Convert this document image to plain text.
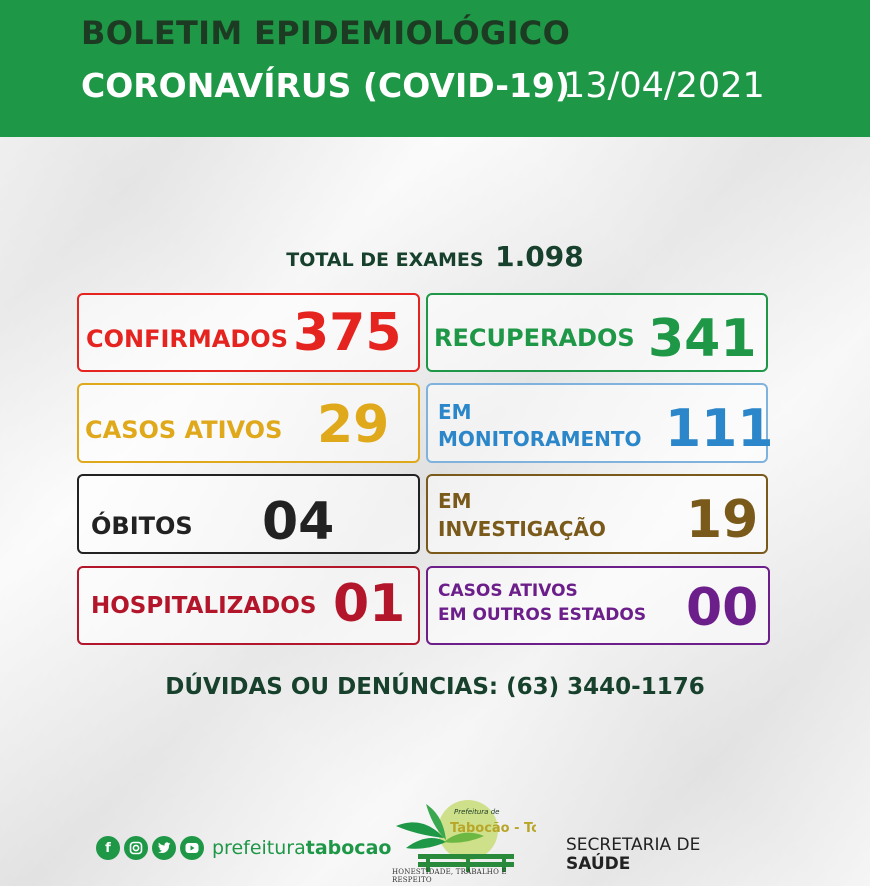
BOLETIM EPIDEMIOLÓGICO
CORONAVÍRUS (COVID-19)
13/04/2021
TOTAL DE EXAMES 1.098
CONFIRMADOS 375 RECUPERADOS 341
CASOS ATIVOS 29 EM
MONITORAMENTO 111
ÓBITOS 04	EM
INVESTIGAÇÃO 19
HOSPITALIZADOS 01 CASOS ATIVOS
EM OUTROS ESTADOS 00
DÚVIDAS OU DENÚNCIAS: (63) 3440-1176
f	prefeituratabocao
Prefeitura de
Tabocão - To
HONESTIDADE, TRABALHO E RESPEITO
SECRETARIA DE
SAÚDE
